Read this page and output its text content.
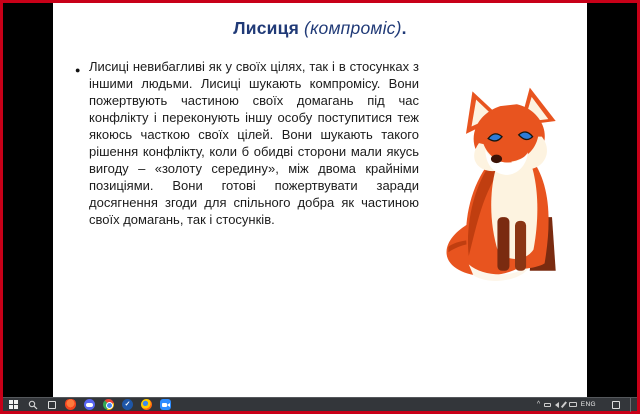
Лисиця (компроміс).
● Лисиці невибагливі як у своїх цілях, так і в стосунках з іншими людьми. Лисиці шукають компромісу. Вони пожертвують частиною своїх домагань під час конфлікту і переконують іншу особу поступитися теж якоюсь часткою своїх цілей. Вони шукають такого рішення конфлікту, коли б обидві сторони мали якусь вигоду – «золоту середину», між двома крайніми позиціями. Вони готові пожертвувати заради досягнення згоди для спільного добра як частиною своїх домагань, так і стосунків.
✓	^	ENG
